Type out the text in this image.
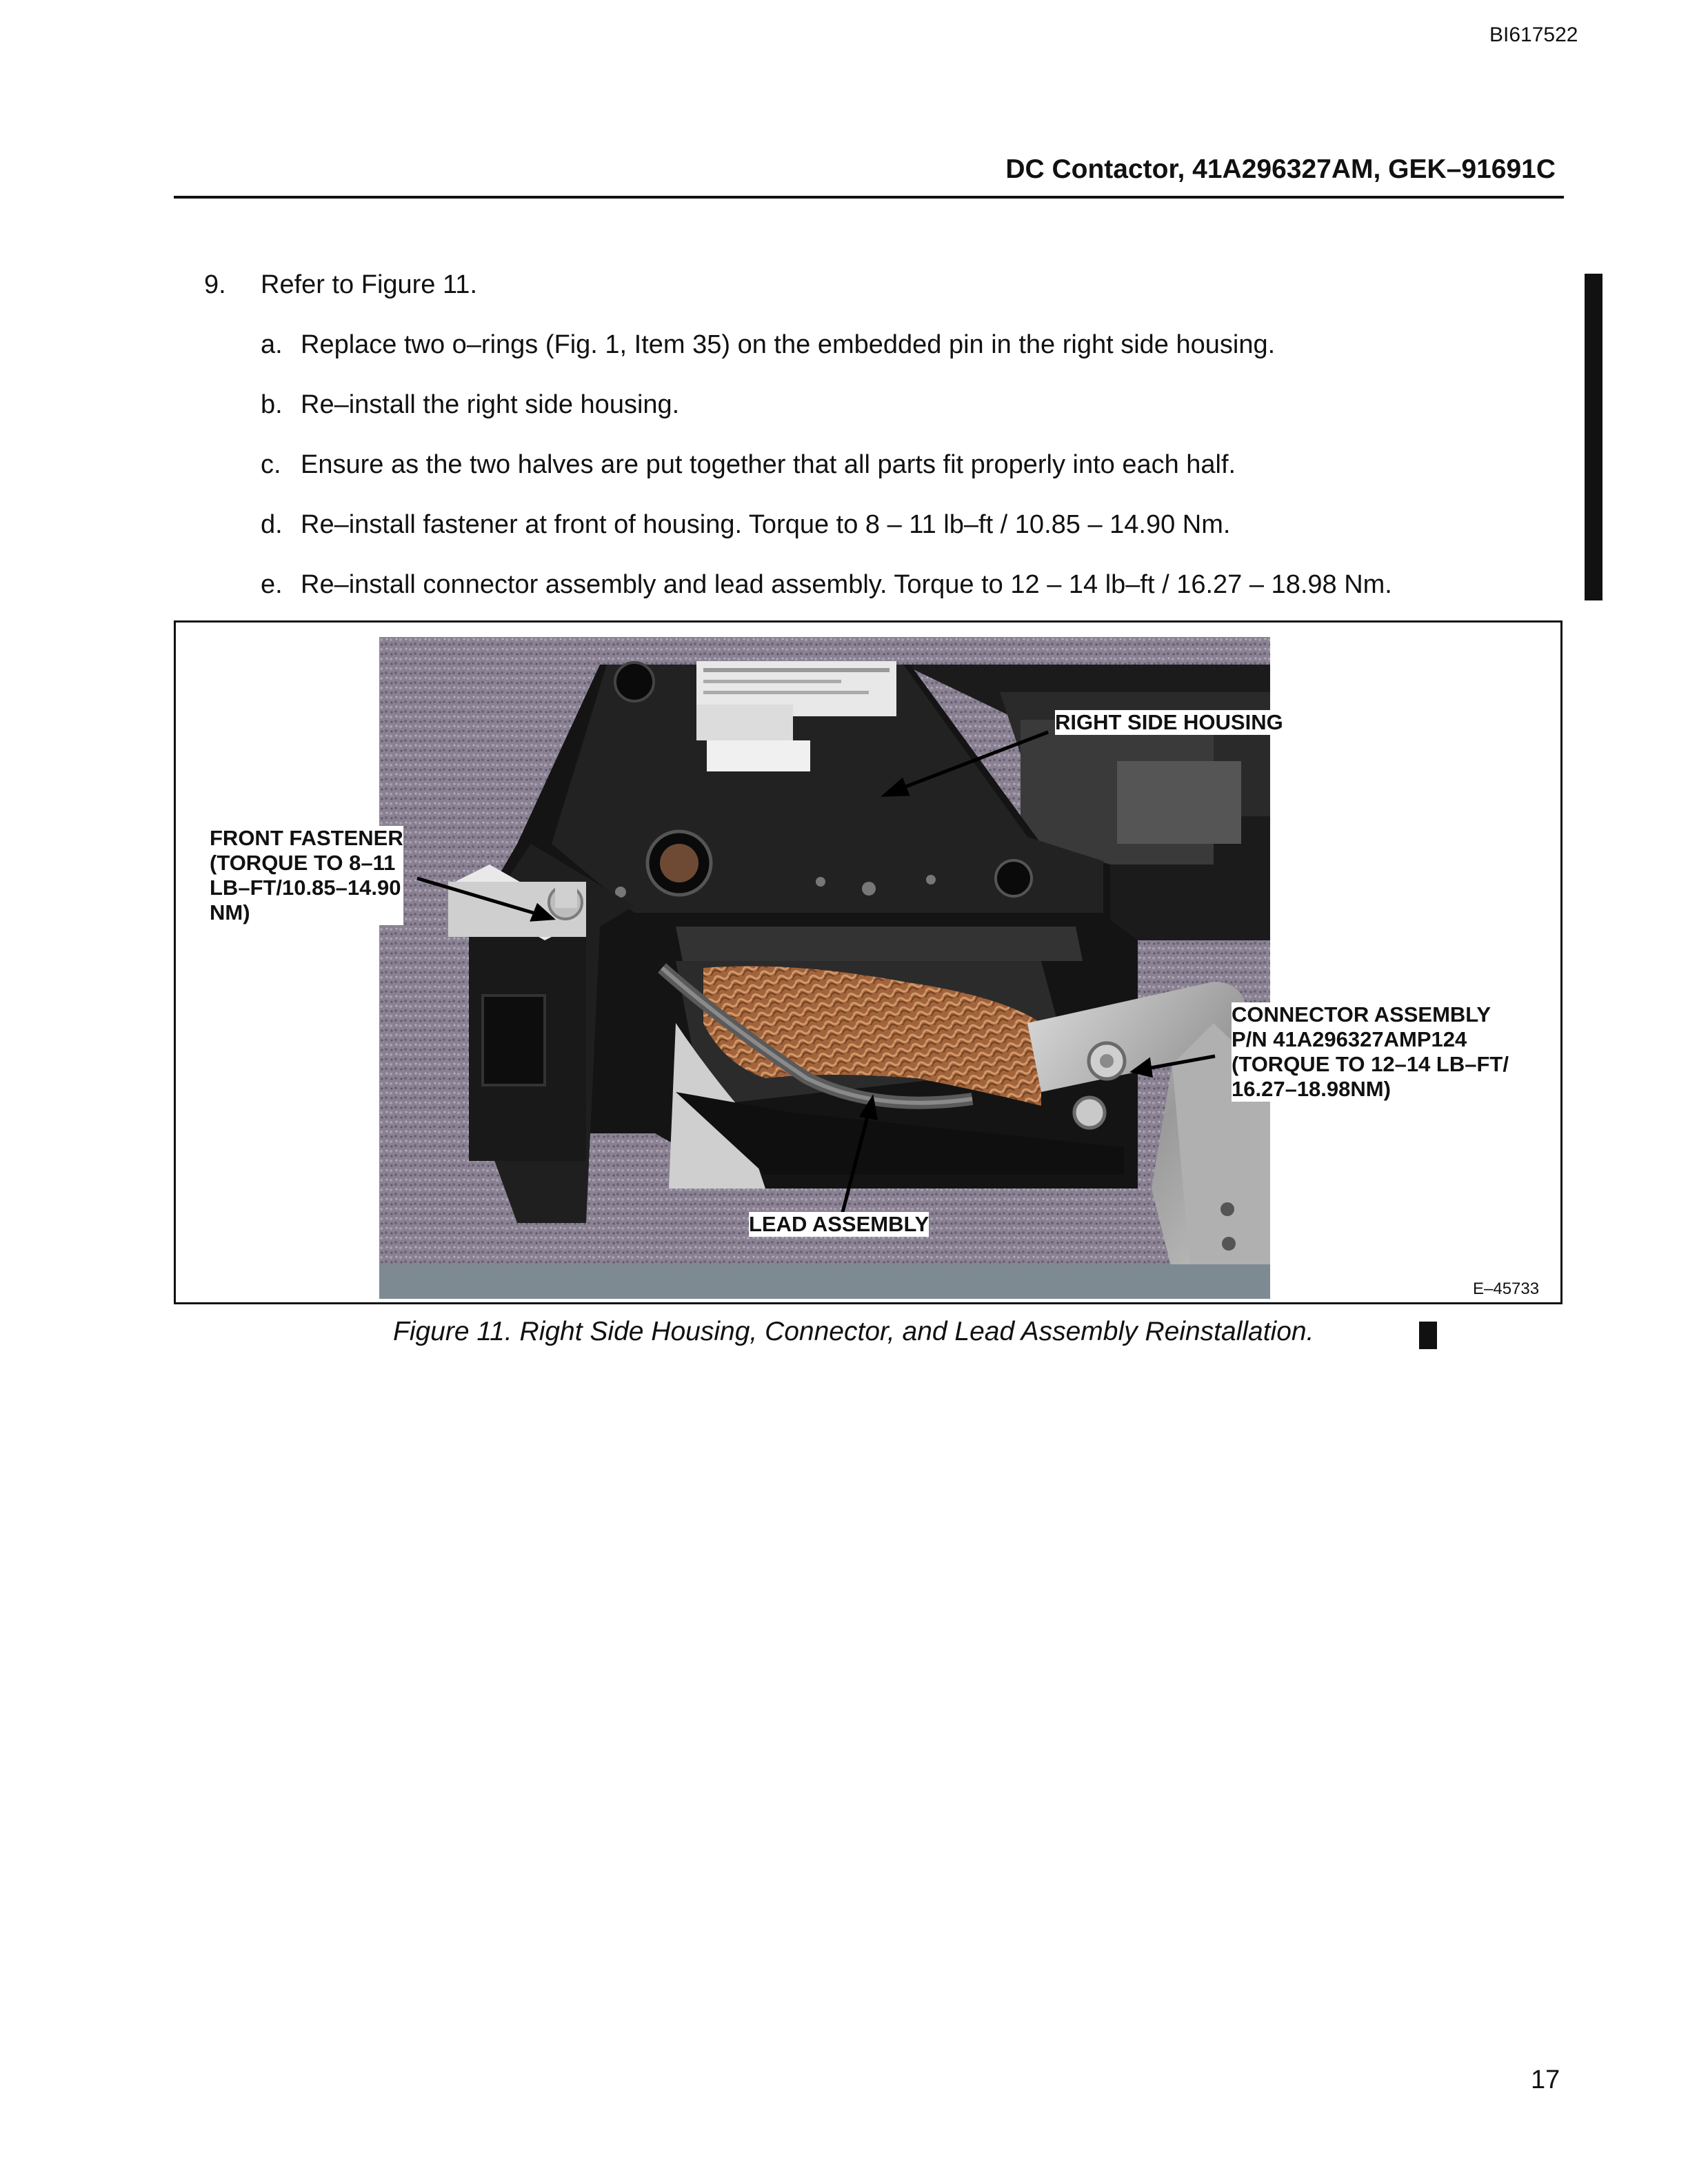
BI617522
DC Contactor, 41A296327AM, GEK–91691C
9. Refer to Figure 11.
a. Replace two o–rings (Fig. 1, Item 35) on the embedded pin in the right side housing.
b. Re–install the right side housing.
c. Ensure as the two halves are put together that all parts fit properly into each half.
d. Re–install fastener at front of housing. Torque to 8 – 11 lb–ft / 10.85 – 14.90 Nm.
e. Re–install connector assembly and lead assembly. Torque to 12 – 14 lb–ft / 16.27 – 18.98 Nm.
RIGHT SIDE HOUSING
FRONT FASTENER
(TORQUE TO 8–11
LB–FT/10.85–14.90
NM)
CONNECTOR ASSEMBLY
P/N 41A296327AMP124
(TORQUE TO 12–14 LB–FT/
16.27–18.98NM)
LEAD ASSEMBLY
E–45733
Figure 11. Right Side Housing, Connector, and Lead Assembly Reinstallation.
17
